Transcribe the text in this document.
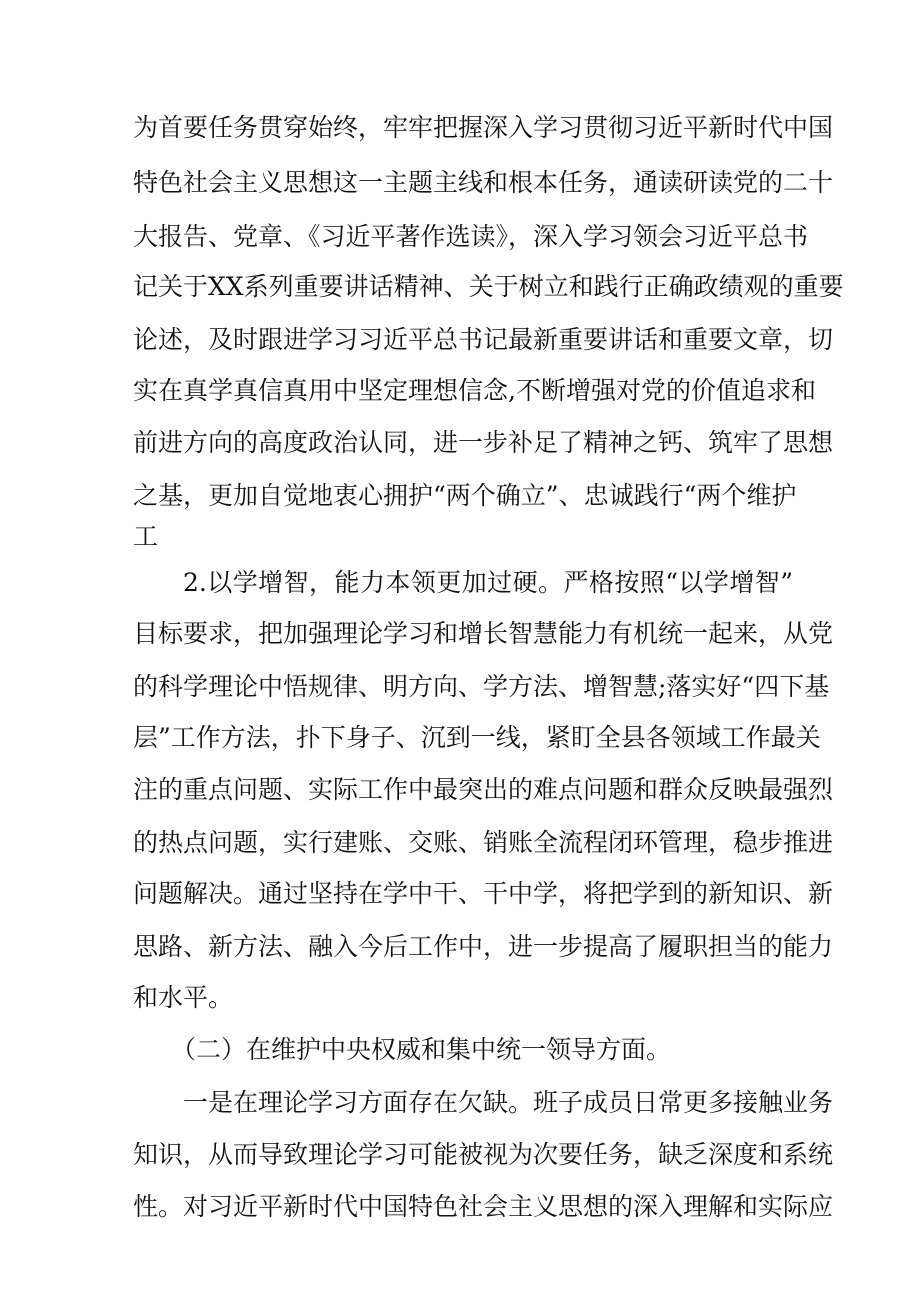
为首要任务贯穿始终，牢牢把握深入学习贯彻习近平新时代中国
特色社会主义思想这一主题主线和根本任务，通读研读党的二十
大报告、党章、《习近平著作选读》，深入学习领会习近平总书
记关于XX系列重要讲话精神、关于树立和践行正确政绩观的重要
论述，及时跟进学习习近平总书记最新重要讲话和重要文章，切
实在真学真信真用中坚定理想信念,不断增强对党的价值追求和
前进方向的高度政治认同，进一步补足了精神之钙、筑牢了思想
之基，更加自觉地衷心拥护“两个确立”、忠诚践行“两个维护
工
2.以学增智，能力本领更加过硬。严格按照“以学增智”
目标要求，把加强理论学习和增长智慧能力有机统一起来，从党
的科学理论中悟规律、明方向、学方法、增智慧;落实好“四下基
层”工作方法，扑下身子、沉到一线，紧盯全县各领域工作最关
注的重点问题、实际工作中最突出的难点问题和群众反映最强烈
的热点问题，实行建账、交账、销账全流程闭环管理，稳步推进
问题解决。通过坚持在学中干、干中学，将把学到的新知识、新
思路、新方法、融入今后工作中，进一步提高了履职担当的能力
和水平。
（二）在维护中央权威和集中统一领导方面。
一是在理论学习方面存在欠缺。班子成员日常更多接触业务
知识，从而导致理论学习可能被视为次要任务，缺乏深度和系统
性。对习近平新时代中国特色社会主义思想的深入理解和实际应
